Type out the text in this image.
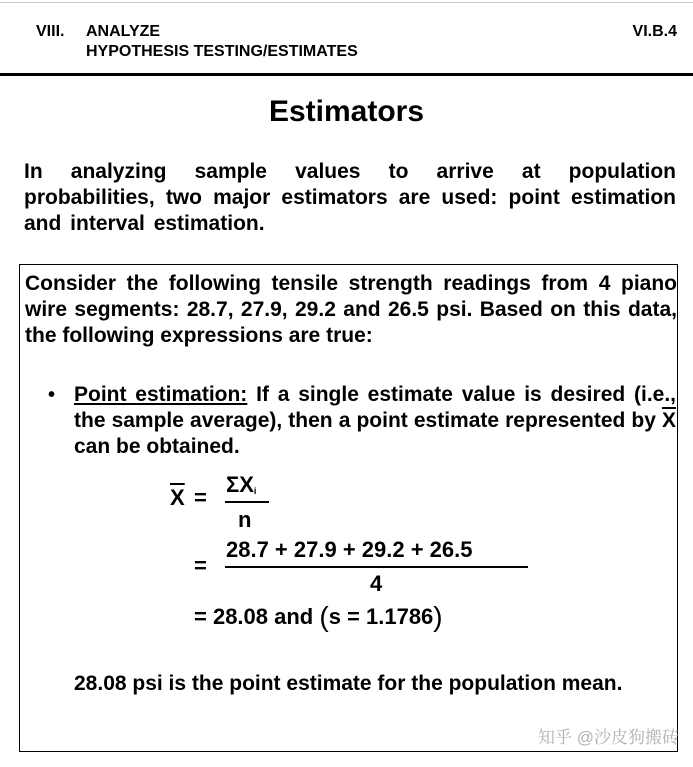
VIII. ANALYZE
HYPOTHESIS TESTING/ESTIMATES
VI.B.4
Estimators
In analyzing sample values to arrive at population probabilities, two major estimators are used: point estimation and interval estimation.
Consider the following tensile strength readings from 4 piano wire segments: 28.7, 27.9, 29.2 and 26.5 psi. Based on this data, the following expressions are true:
• Point estimation: If a single estimate value is desired (i.e., the sample average), then a point estimate represented by $\overline{X}$ can be obtained.
$\overline{X}$ =
ΣXi
n
=
28.7 + 27.9 + 29.2 + 26.5
4
= 28.08 and (s = 1.1786)
28.08 psi is the point estimate for the population mean.
知乎 @沙皮狗搬砖
